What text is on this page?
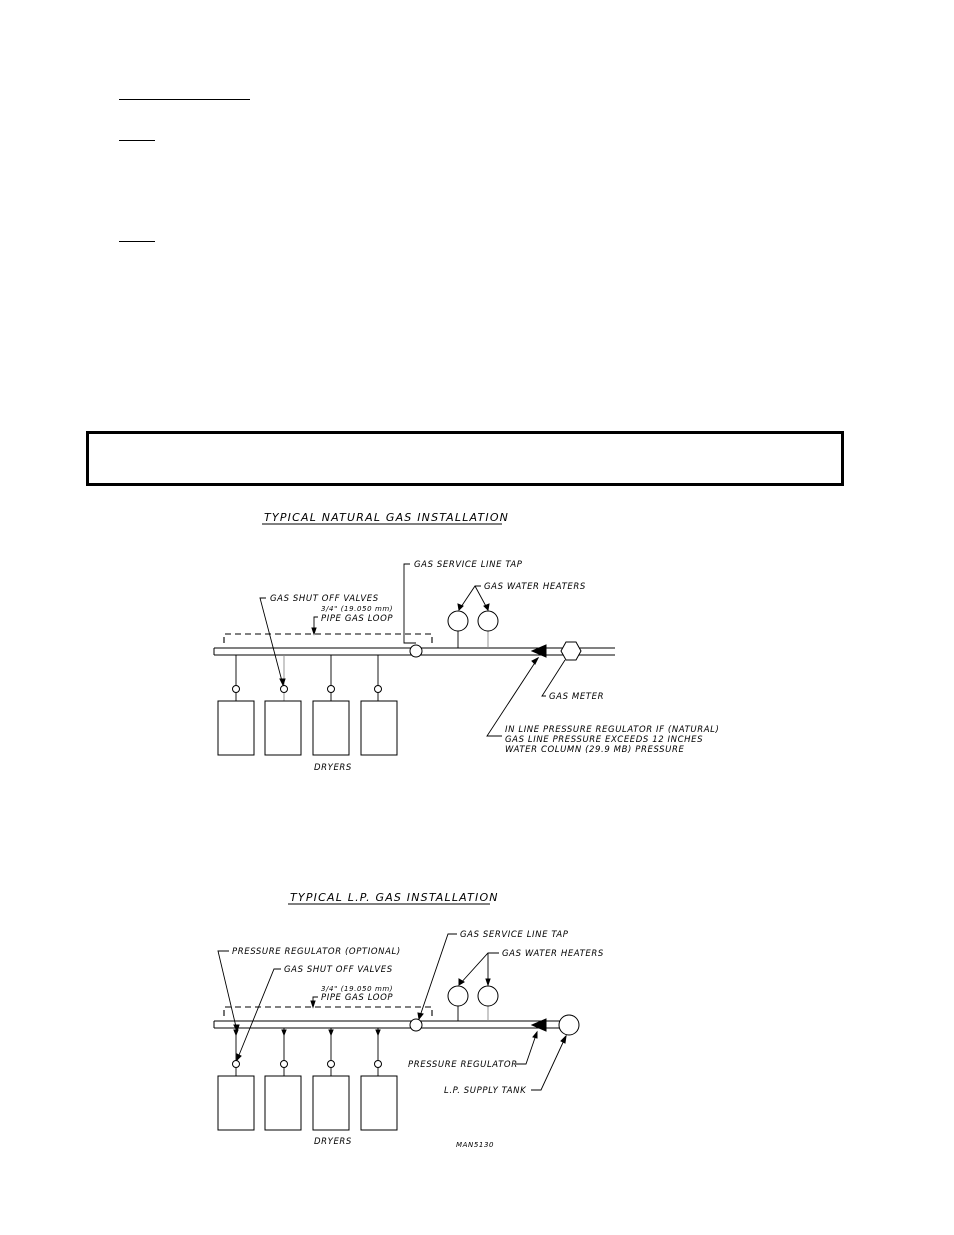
TYPICAL NATURAL GAS INSTALLATION
DRYERS
GAS SERVICE LINE TAP
GAS WATER HEATERS
GAS SHUT OFF VALVES
3/4" (19.050 mm)
PIPE GAS LOOP
GAS METER
IN LINE PRESSURE REGULATOR IF (NATURAL)
GAS LINE PRESSURE EXCEEDS 12 INCHES
WATER COLUMN (29.9 MB) PRESSURE
TYPICAL L.P. GAS INSTALLATION
DRYERS	MAN5130
GAS SERVICE LINE TAP
GAS WATER HEATERS
PRESSURE REGULATOR (OPTIONAL)
GAS SHUT OFF VALVES
3/4" (19.050 mm)
PIPE GAS LOOP
PRESSURE REGULATOR
L.P. SUPPLY TANK
